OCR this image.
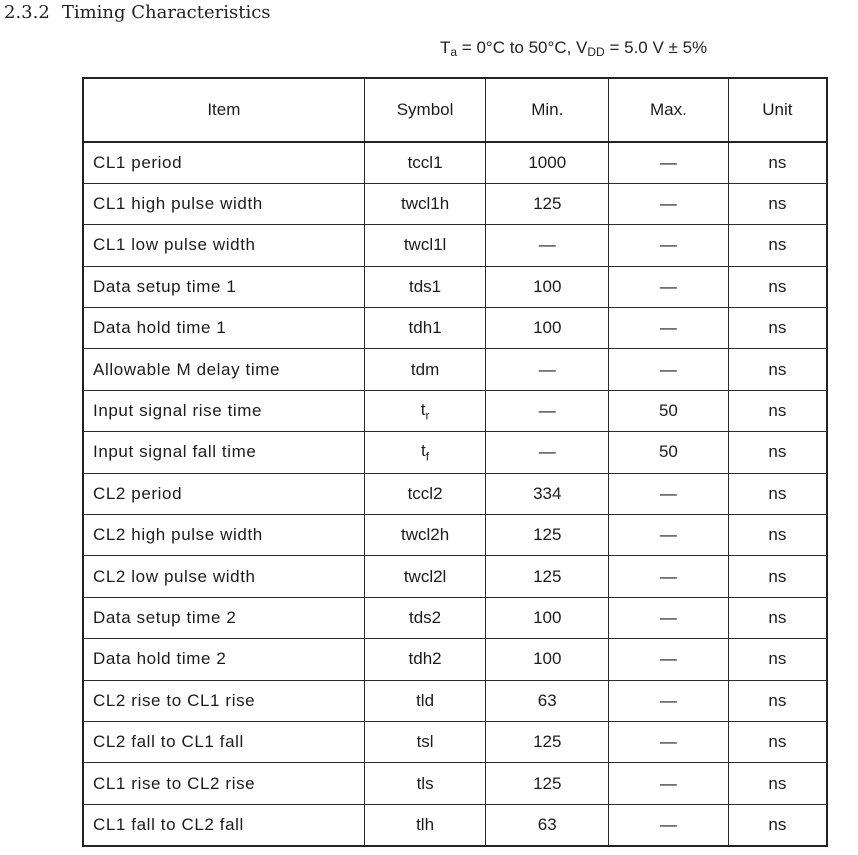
2.3.2 Timing Characteristics
$T_a = 0^\circ C$ to 50°C, $V_{DD} = 5.0$ V ± 5%
Item	Symbol	Min.	Max.	Unit
CL1 period	tccl1	1000	—	ns
CL1 high pulse width	twcl1h	125	—	ns
CL1 low pulse width	twcl1l	—	—	ns
Data setup time 1	tds1	100	—	ns
Data hold time 1	tdh1	100	—	ns
Allowable M delay time	tdm	—	—	ns
Input signal rise time	$t_r$	—	50	ns
Input signal fall time	$t_f$	—	50	ns
CL2 period	tccl2	334	—	ns
CL2 high pulse width	twcl2h	125	—	ns
CL2 low pulse width	twcl2l	125	—	ns
Data setup time 2	tds2	100	—	ns
Data hold time 2	tdh2	100	—	ns
CL2 rise to CL1 rise	tld	63	—	ns
CL2 fall to CL1 fall	tsl	125	—	ns
CL1 rise to CL2 rise	tls	125	—	ns
CL1 fall to CL2 fall	tlh	63	—	ns
